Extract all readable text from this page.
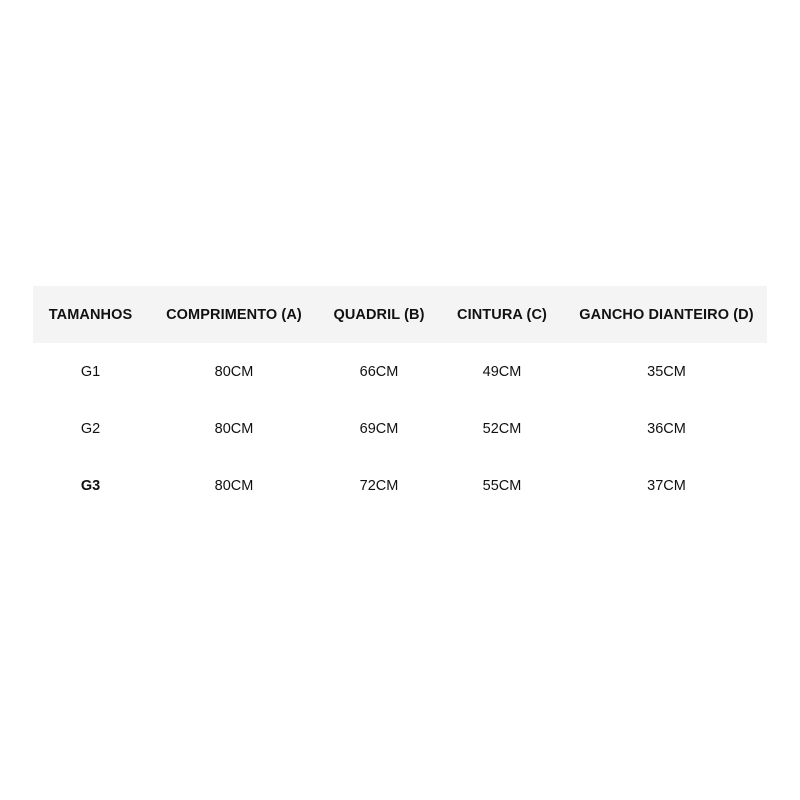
TAMANHOS	COMPRIMENTO (A)	QUADRIL (B)	CINTURA (C)	GANCHO DIANTEIRO (D)
G1	80CM	66CM	49CM	35CM
G2	80CM	69CM	52CM	36CM
G3	80CM	72CM	55CM	37CM
